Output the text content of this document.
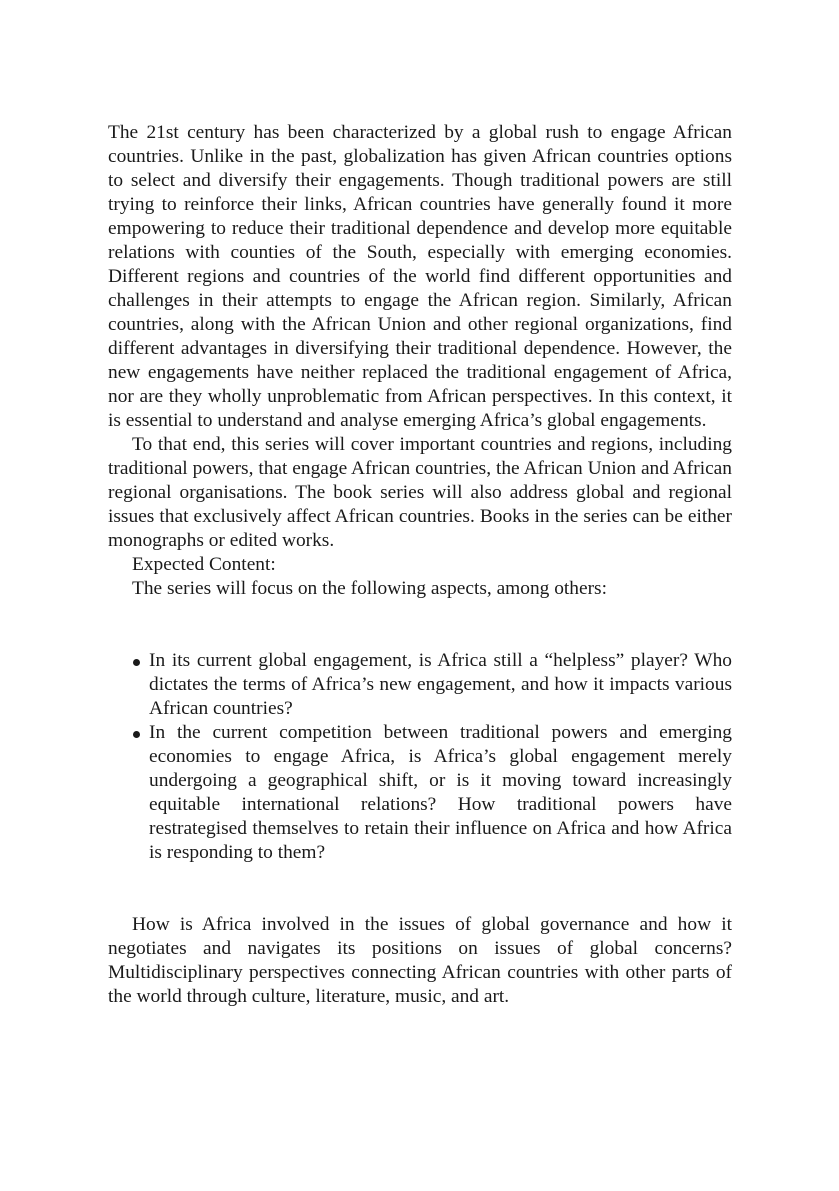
The 21st century has been characterized by a global rush to engage African countries. Unlike in the past, globalization has given African countries options to select and diversify their engagements. Though traditional powers are still trying to reinforce their links, African countries have generally found it more empowering to reduce their traditional dependence and develop more equitable relations with counties of the South, especially with emerging economies. Different regions and countries of the world find different opportunities and challenges in their attempts to engage the African region. Similarly, African countries, along with the African Union and other regional organizations, find different advantages in diversifying their traditional dependence. However, the new engagements have neither replaced the traditional engagement of Africa, nor are they wholly unproblematic from African perspectives. In this context, it is essential to understand and analyse emerging Africa’s global engagements.

To that end, this series will cover important countries and regions, including traditional powers, that engage African countries, the African Union and African regional organisations. The book series will also address global and regional issues that exclusively affect African countries. Books in the series can be either monographs or edited works.

Expected Content:

The series will focus on the following aspects, among others:

In its current global engagement, is Africa still a “helpless” player? Who dictates the terms of Africa’s new engagement, and how it impacts various African countries?
In the current competition between traditional powers and emerging economies to engage Africa, is Africa’s global engagement merely undergoing a geographical shift, or is it moving toward increasingly equitable international relations? How traditional powers have restrategised themselves to retain their influence on Africa and how Africa is responding to them?

How is Africa involved in the issues of global governance and how it negotiates and navigates its positions on issues of global concerns? Multidisciplinary perspectives connecting African countries with other parts of the world through culture, literature, music, and art.
